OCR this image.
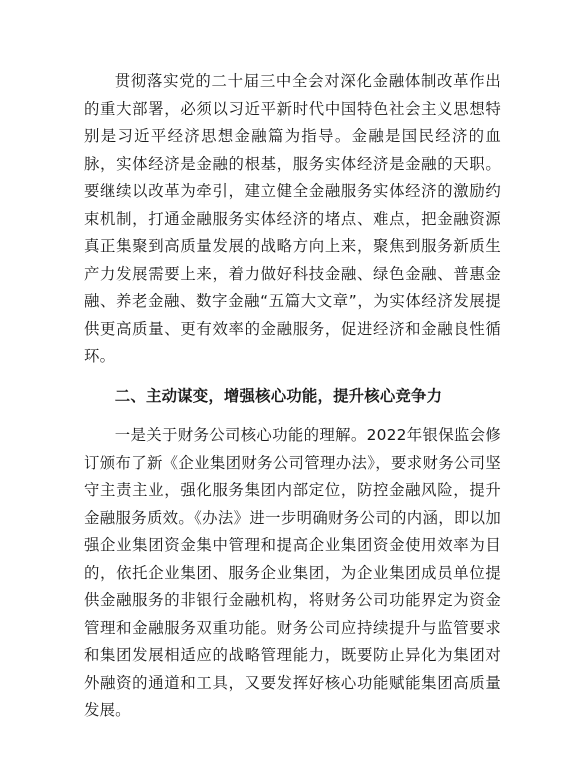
贯彻落实党的二十届三中全会对深化金融体制改革作出的重大部署，必须以习近平新时代中国特色社会主义思想特别是习近平经济思想金融篇为指导。金融是国民经济的血脉，实体经济是金融的根基，服务实体经济是金融的天职。要继续以改革为牵引，建立健全金融服务实体经济的激励约束机制，打通金融服务实体经济的堵点、难点，把金融资源真正集聚到高质量发展的战略方向上来，聚焦到服务新质生产力发展需要上来，着力做好科技金融、绿色金融、普惠金融、养老金融、数字金融“五篇大文章”，为实体经济发展提供更高质量、更有效率的金融服务，促进经济和金融良性循环。

二、主动谋变，增强核心功能，提升核心竞争力

一是关于财务公司核心功能的理解。2022年银保监会修订颁布了新《企业集团财务公司管理办法》，要求财务公司坚守主责主业，强化服务集团内部定位，防控金融风险，提升金融服务质效。《办法》进一步明确财务公司的内涵，即以加强企业集团资金集中管理和提高企业集团资金使用效率为目的，依托企业集团、服务企业集团，为企业集团成员单位提供金融服务的非银行金融机构，将财务公司功能界定为资金管理和金融服务双重功能。财务公司应持续提升与监管要求和集团发展相适应的战略管理能力，既要防止异化为集团对外融资的通道和工具，又要发挥好核心功能赋能集团高质量发展。
